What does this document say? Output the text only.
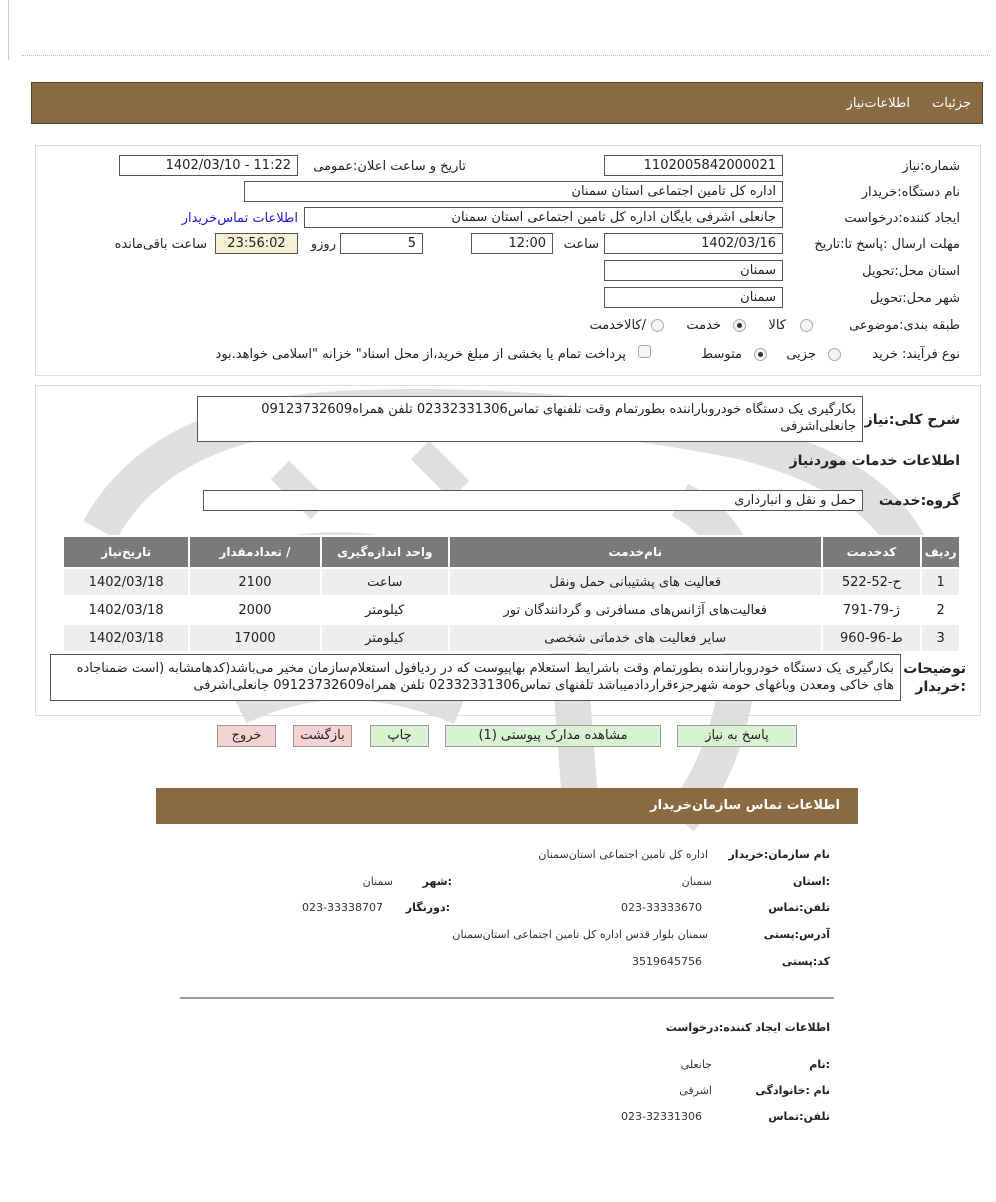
جزئیات
اطلاعات‌نیاز
شماره:نیاز
1102005842000021
تاریخ و ساعت اعلان:عمومی
1402/03/10 - 11:22
نام دستگاه:خریدار
اداره کل تامین اجتماعی استان سمنان
ایجاد کننده:درخواست
جانعلی اشرفی بایگان اداره کل تامین اجتماعی استان سمنان
اطلاعات تماس‌خریدار
مهلت ارسال :پاسخ تا:تاریخ
1402/03/16
ساعت
12:00
5
روزو
23:56:02
ساعت باقی‌مانده
استان محل:تحویل
سمنان
شهر محل:تحویل
سمنان
طبقه بندی:موضوعی
کالا
خدمت
/کالاخدمت
نوع فرآیند: خرید
جزیی
متوسط
پرداخت تمام یا بخشی از مبلغ خرید،از محل اسناد" خزانه "اسلامی خواهد.بود
شرح کلی:نیاز
بکارگیری یک دستگاه خودروباراننده بطورتمام وقت تلفنهای تماس02332331306 تلفن همراه09123732609 جانعلی‌اشرفی
اطلاعات خدمات موردنیاز
گروه:خدمت
حمل و نقل و انبارداری
ردیف	کدخدمت	نام‌خدمت	واحد اندازه‌گیری	/ تعدادمقدار	تاریخ‌نیاز
1	ح-52-522	فعالیت های پشتیبانی حمل ونقل	ساعت	2100	1402/03/18
2	ژ-79-791	فعالیت‌های آژانس‌های مسافرتی و گردانندگان تور	کیلومتر	2000	1402/03/18
3	ط-96-960	سایر فعالیت های خدماتی شخصی	کیلومتر	17000	1402/03/18
توضیحات
:خریدار
بکارگیری یک دستگاه خودروباراننده بطورتمام وقت باشرایط استعلام بهاپیوست که در ردیافول استعلام‌سازمان مخیر می‌باشد(کدهامشابه (است ضمناجاده های خاکی ومعدن وباغهای حومه شهرجزءقراردادمیباشد تلفنهای تماس02332331306 تلفن همراه09123732609 جانعلی‌اشرفی
پاسخ به نیاز
مشاهده مدارک پیوستی (1)
چاپ
بازگشت
خروج
اطلاعات تماس سازمان‌خریدار
نام سازمان:خریدار
اداره کل تامین اجتماعی استان‌سمنان
:استان
سمنان
:شهر
سمنان
تلفن:تماس
023-33333670
:دورنگار
023-33338707
آدرس:پستی
سمنان بلوار قدس اداره کل تامین اجتماعی استان‌سمنان
کد:پستی
3519645756
اطلاعات ایجاد کننده:درخواست
:نام
جانعلی
نام :خانوادگی
اشرفی
تلفن:تماس
023-32331306
